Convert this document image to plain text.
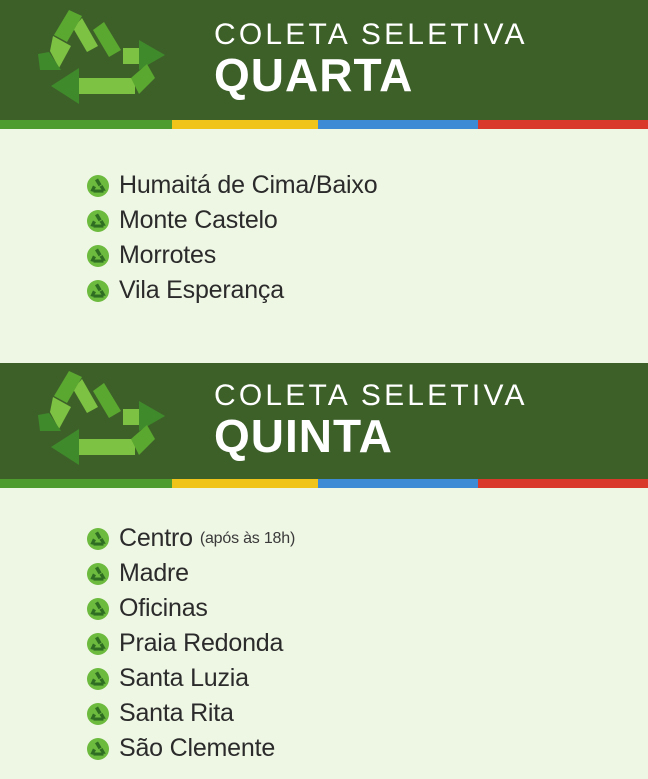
COLETA SELETIVA
QUARTA
Humaitá de Cima/Baixo
Monte Castelo
Morrotes
Vila Esperança
COLETA SELETIVA
QUINTA
Centro (após às 18h)
Madre
Oficinas
Praia Redonda
Santa Luzia
Santa Rita
São Clemente
